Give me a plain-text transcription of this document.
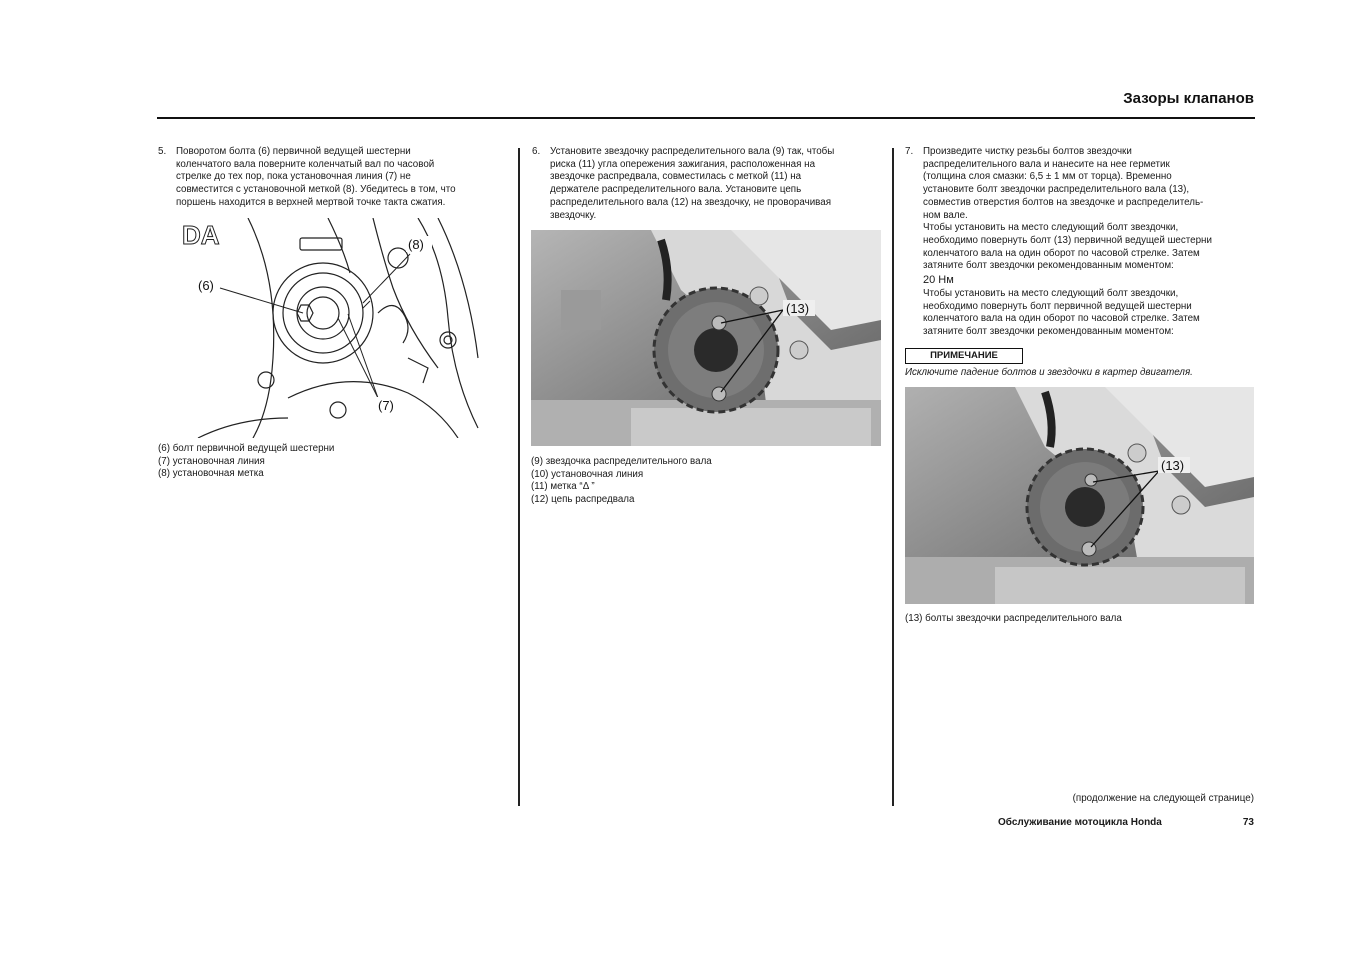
Зазоры клапанов
5.	Поворотом болта (6) первичной ведущей шестерни
коленчатого вала поверните коленчатый вал по часовой
стрелке до тех пор, пока установочная линия (7) не
совместится с установочной меткой (8). Убедитесь в том, что
поршень находится в верхней мертвой точке такта сжатия.
DA
(6)
(8)
(7)
(6) болт первичной ведущей шестерни
(7) установочная линия
(8) установочная метка
6.	Установите звездочку распределительного вала (9) так, чтобы
риска (11) угла опережения зажигания, расположенная на
звездочке распредвала, совместилась с меткой (11) на
держателе распределительного вала. Установите цепь
распределительного вала (12) на звездочку, не проворачивая
звездочку.
(13)
(9) звездочка распределительного вала
(10) установочная линия
(11) метка “Δ ”
(12) цепь распредвала
7.	Произведите чистку резьбы болтов звездочки
распределительного вала и нанесите на нее герметик
(толщина слоя смазки: 6,5 ± 1 мм от торца). Временно
установите болт звездочки распределительного вала (13),
совместив отверстия болтов на звездочке и распределитель-
ном вале.
Чтобы установить на место следующий болт звездочки,
необходимо повернуть болт (13) первичной ведущей шестерни
коленчатого вала на один оборот по часовой стрелке. Затем
затяните болт звездочки рекомендованным моментом:
20 Нм
Чтобы установить на место следующий болт звездочки,
необходимо повернуть болт первичной ведущей шестерни
коленчатого вала на один оборот по часовой стрелке. Затем
затяните болт звездочки рекомендованным моментом:
ПРИМЕЧАНИЕ
Исключите падение болтов и звездочки в картер двигателя.
(13)
(13) болты звездочки распределительного вала
(продолжение на следующей странице)
Обслуживание мотоцикла Honda	73
